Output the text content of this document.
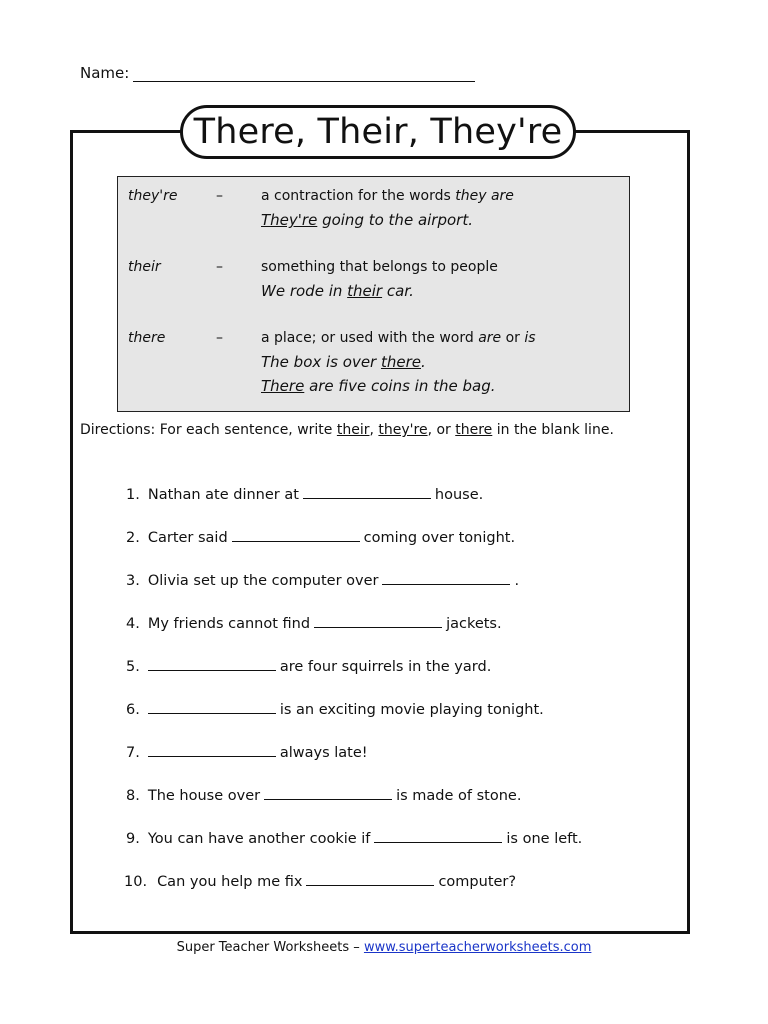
Name:
There, Their, They're
they're	–	a contraction for the words they are
They're going to the airport.
their	–	something that belongs to people
We rode in their car.
there	–	a place; or used with the word are or is
The box is over there.
There are five coins in the bag.
Directions: For each sentence, write their, they're, or there in the blank line.
1. Nathan ate dinner at	house.
2. Carter said	coming over tonight.
3. Olivia set up the computer over	.
4. My friends cannot find	jackets.
5.	are four squirrels in the yard.
6.	is an exciting movie playing tonight.
7.	always late!
8. The house over	is made of stone.
9. You can have another cookie if	is one left.
10. Can you help me fix	computer?
Super Teacher Worksheets – www.superteacherworksheets.com
